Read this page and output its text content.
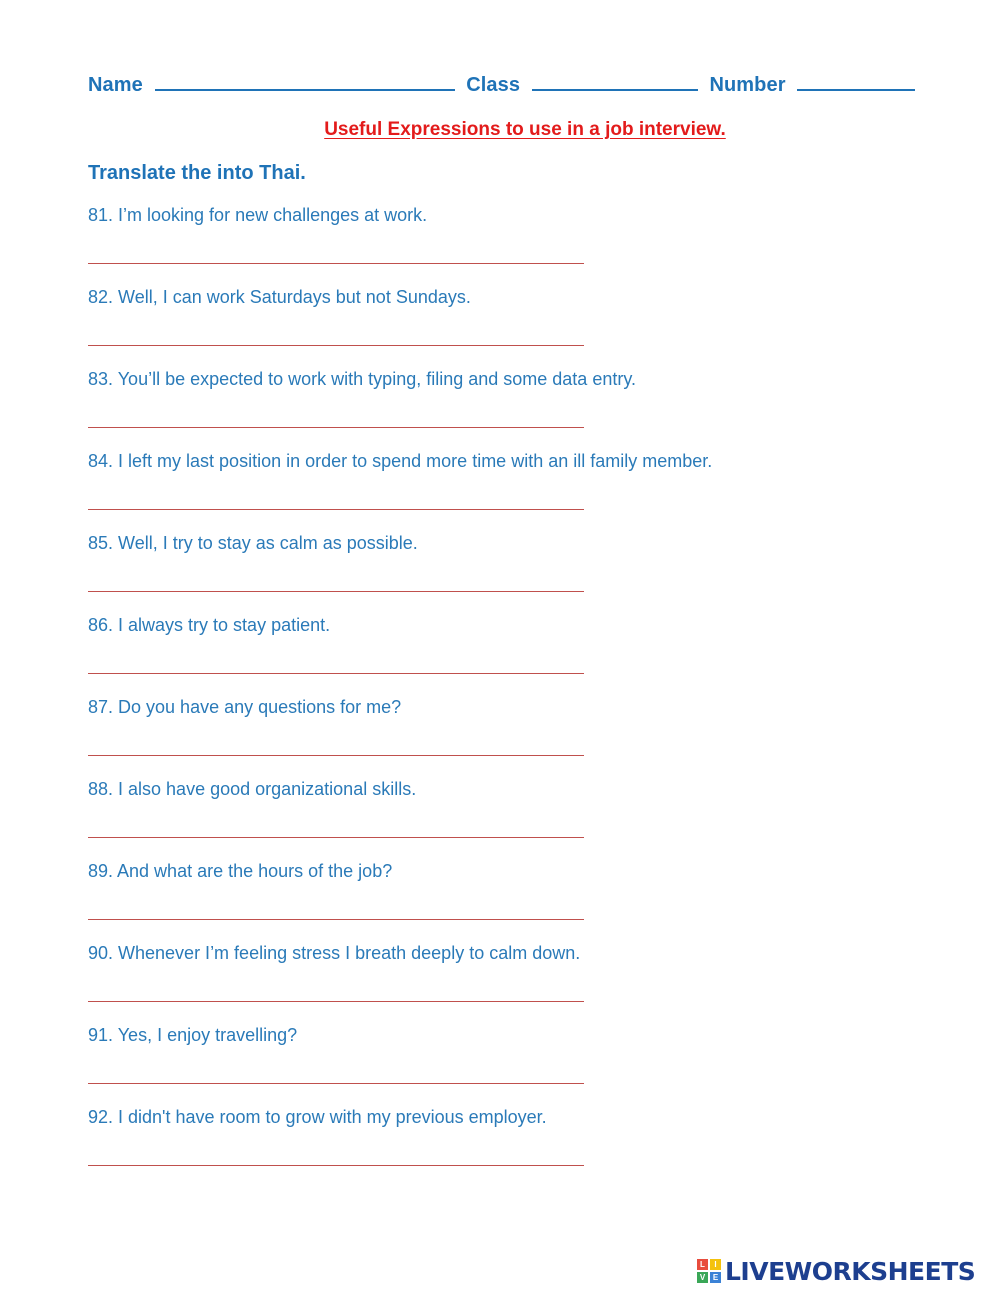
Name	Class	Number
Useful Expressions to use in a job interview.
Translate the into Thai.
81. I’m looking for new challenges at work.
82. Well, I can work Saturdays but not Sundays.
83. You’ll be expected to work with typing, filing and some data entry.
84. I left my last position in order to spend more time with an ill family member.
85. Well, I try to stay as calm as possible.
86. I always try to stay patient.
87. Do you have any questions for me?
88. I also have good organizational skills.
89. And what are the hours of the job?
90. Whenever I’m feeling stress I breath deeply to calm down.
91. Yes, I enjoy travelling?
92. I didn't have room to grow with my previous employer.
L	I
V E LIVEWORKSHEETS
